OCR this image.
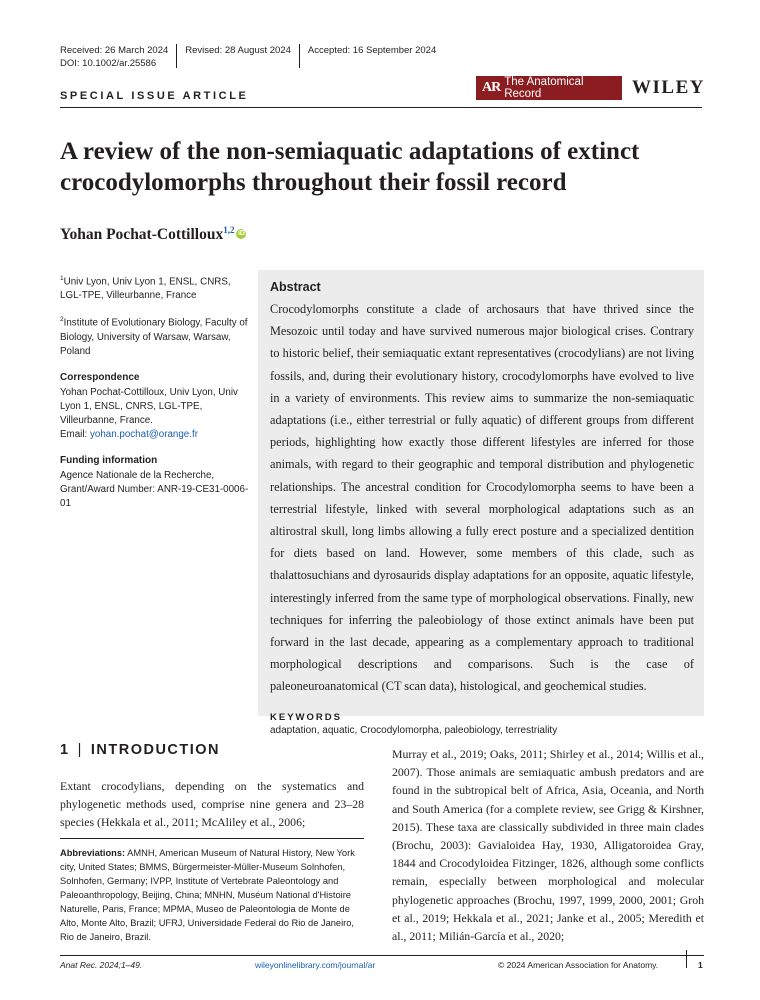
Received: 26 March 2024 Revised: 28 August 2024 Accepted: 16 September 2024
DOI: 10.1002/ar.25586
SPECIAL ISSUE ARTICLE
AR The Anatomical Record	WILEY
A review of the non-semiaquatic adaptations of extinct crocodylomorphs throughout their fossil record
Yohan Pochat-Cottilloux$^{1,2}$ iD

$^1$Univ Lyon, Univ Lyon 1, ENSL, CNRS, LGL-TPE, Villeurbanne, France

$^2$Institute of Evolutionary Biology, Faculty of Biology, University of Warsaw, Warsaw, Poland

Correspondence

Yohan Pochat-Cottilloux, Univ Lyon, Univ Lyon 1, ENSL, CNRS, LGL-TPE, Villeurbanne, France.
Email: yohan.pochat@orange.fr

Funding information

Agence Nationale de la Recherche, Grant/Award Number: ANR-19-CE31-0006-01

Abstract

Crocodylomorphs constitute a clade of archosaurs that have thrived since the Mesozoic until today and have survived numerous major biological crises. Contrary to historic belief, their semiaquatic extant representatives (crocodylians) are not living fossils, and, during their evolutionary history, crocodylomorphs have evolved to live in a variety of environments. This review aims to summarize the non-semiaquatic adaptations (i.e., either terrestrial or fully aquatic) of different groups from different periods, highlighting how exactly those different lifestyles are inferred for those animals, with regard to their geographic and temporal distribution and phylogenetic relationships. The ancestral condition for Crocodylomorpha seems to have been a terrestrial lifestyle, linked with several morphological adaptations such as an altirostral skull, long limbs allowing a fully erect posture and a specialized dentition for diets based on land. However, some members of this clade, such as thalattosuchians and dyrosaurids display adaptations for an opposite, aquatic lifestyle, interestingly inferred from the same type of morphological observations. Finally, new techniques for inferring the paleobiology of those extinct animals have been put forward in the last decade, appearing as a complementary approach to traditional morphological descriptions and comparisons. Such is the case of paleoneuroanatomical (CT scan data), histological, and geochemical studies.

KEYWORDS

adaptation, aquatic, Crocodylomorpha, paleobiology, terrestriality

1 | INTRODUCTION

Extant crocodylians, depending on the systematics and phylogenetic methods used, comprise nine genera and 23–28 species (Hekkala et al., 2011; McAliley et al., 2006;

Abbreviations: AMNH, American Museum of Natural History, New York city, United States; BMMS, Bürgermeister-Müller-Museum Solnhofen, Solnhofen, Germany; IVPP, Institute of Vertebrate Paleontology and Paleoanthropology, Beijing, China; MNHN, Muséum National d'Histoire Naturelle, Paris, France; MPMA, Museo de Paleontologia de Monte de Alto, Monte Alto, Brazil; UFRJ, Universidade Federal do Rio de Janeiro, Rio de Janeiro, Brazil.

Murray et al., 2019; Oaks, 2011; Shirley et al., 2014; Willis et al., 2007). Those animals are semiaquatic ambush predators and are found in the subtropical belt of Africa, Asia, Oceania, and North and South America (for a complete review, see Grigg & Kirshner, 2015). These taxa are classically subdivided in three main clades (Brochu, 2003): Gavialoidea Hay, 1930, Alligatoroidea Gray, 1844 and Crocodyloidea Fitzinger, 1826, although some conflicts remain, especially between morphological and molecular phylogenetic approaches (Brochu, 1997, 1999, 2000, 2001; Groh et al., 2019; Hekkala et al., 2021; Janke et al., 2005; Meredith et al., 2011; Milián-García et al., 2020;

Anat Rec. 2024;1–49.	wileyonlinelibrary.com/journal/ar	© 2024 American Association for Anatomy.	1
